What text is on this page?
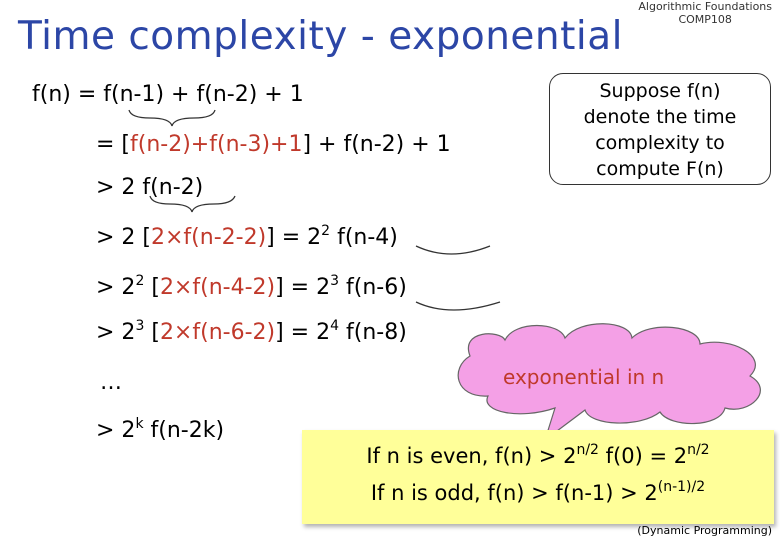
Time complexity - exponential
Algorithmic Foundations
COMP108
f(n) = f(n-1) + f(n-2) + 1
= [f(n-2)+f(n-3)+1] + f(n-2) + 1
> 2 f(n-2)
> 2 $[2\times f(n-2-2)] = 2^2$ f(n-4)
> $2^2$ $[2\times f(n-4-2)] = 2^3$ f(n-6)
> $2^3$ $[2\times f(n-6-2)] = 2^4$ f(n-8)
…
> $2^k$ f(n-2k)
Suppose f(n)
denote the time
complexity to
compute F(n)
exponential in n
If n is even, $f(n) > 2^{n/2}$ $f(0) = 2^{n/2}$
If n is odd, $f(n) > f(n-1) > 2^{(n-1)/2}$
(Dynamic Programming)
